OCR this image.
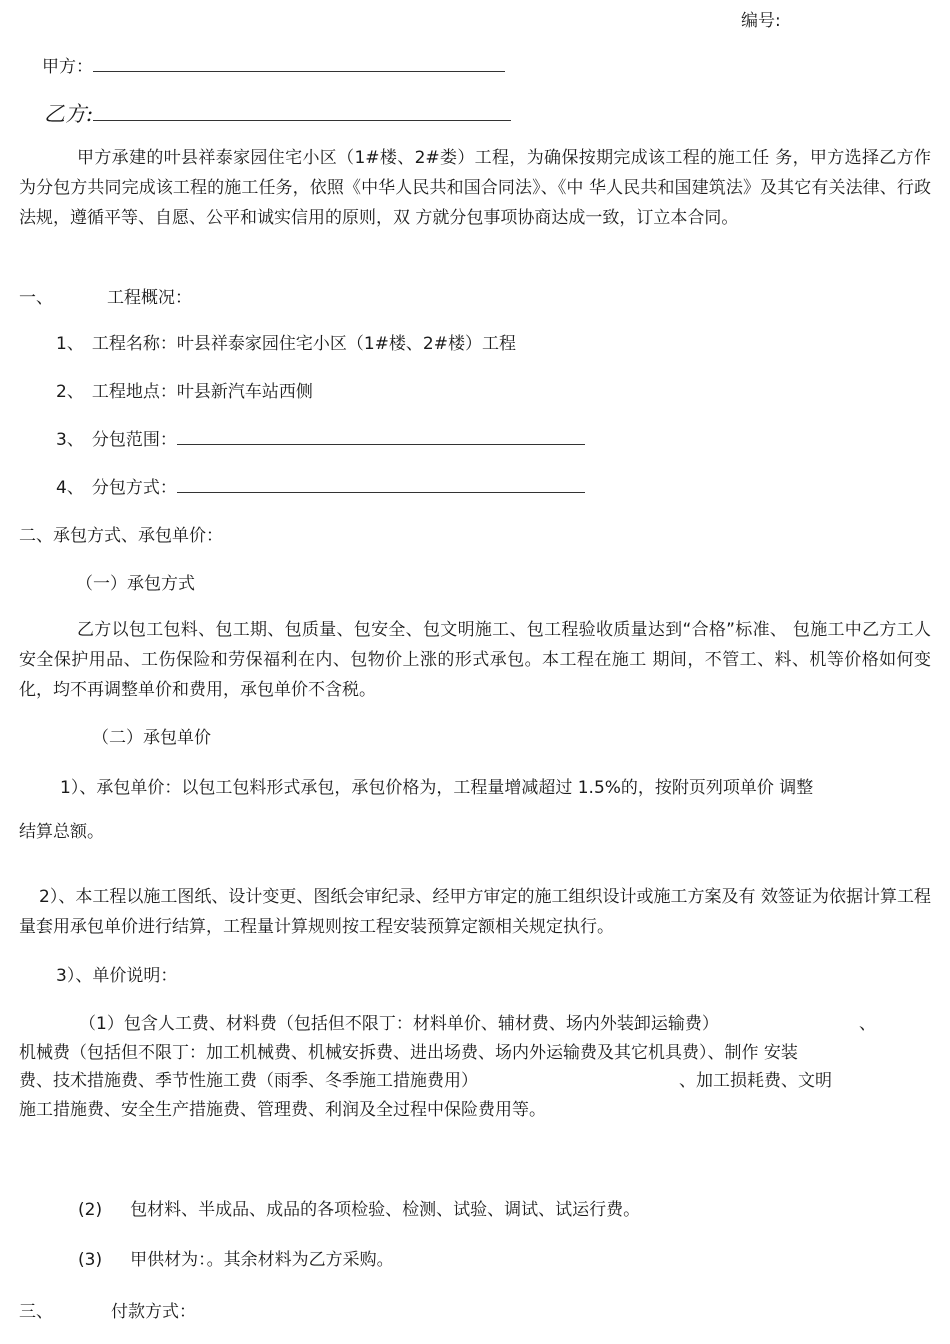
编号:
甲方：
乙方:
甲方承建的叶县祥泰家园住宅小区（1#楼、2#娄）工程，为确保按期完成该工程的施工任 务，甲方选择乙方作为分包方共同完成该工程的施工任务，依照《中华人民共和国合同法》、《中 华人民共和国建筑法》及其它有关法律、行政法规，遵循平等、自愿、公平和诚实信用的原则，双 方就分包事项协商达成一致，订立本合同。
一、	工程概况：
1、 工程名称：叶县祥泰家园住宅小区（1#楼、2#楼）工程
2、 工程地点：叶县新汽车站西侧
3、 分包范围：
4、 分包方式：
二、承包方式、承包单价：
（一）承包方式
乙方以包工包料、包工期、包质量、包安全、包文明施工、包工程验收质量达到“合格”标准、 包施工中乙方工人安全保护用品、工伤保险和劳保福利在内、包物价上涨的形式承包。本工程在施工 期间，不管工、料、机等价格如何变化，均不再调整单价和费用，承包单价不含税。
（二）承包单价
1）、承包单价：以包工包料形式承包，承包价格为，工程量增减超过 1.5%的，按附页列项单价 调整
结算总额。
2）、本工程以施工图纸、设计变更、图纸会审纪录、经甲方审定的施工组织设计或施工方案及有 效签证为依据计算工程量套用承包单价进行结算，工程量计算规则按工程安装预算定额相关规定执行。
3）、单价说明：
（1）包含人工费、材料费（包括但不限丁：材料单价、辅材费、场内外装卸运输费）	、
机械费（包括但不限丁：加工机械费、机械安拆费、进出场费、场内外运输费及其它机具费）、制作 安装
费、技术措施费、季节性施工费（雨季、冬季施工措施费用）	、加工损耗费、文明
施工措施费、安全生产措施费、管理费、利润及全过程中保险费用等。
(2) 包材料、半成品、成品的各项检验、检测、试验、调试、试运行费。
(3) 甲供材为：。其余材料为乙方采购。
三、	付款方式：
